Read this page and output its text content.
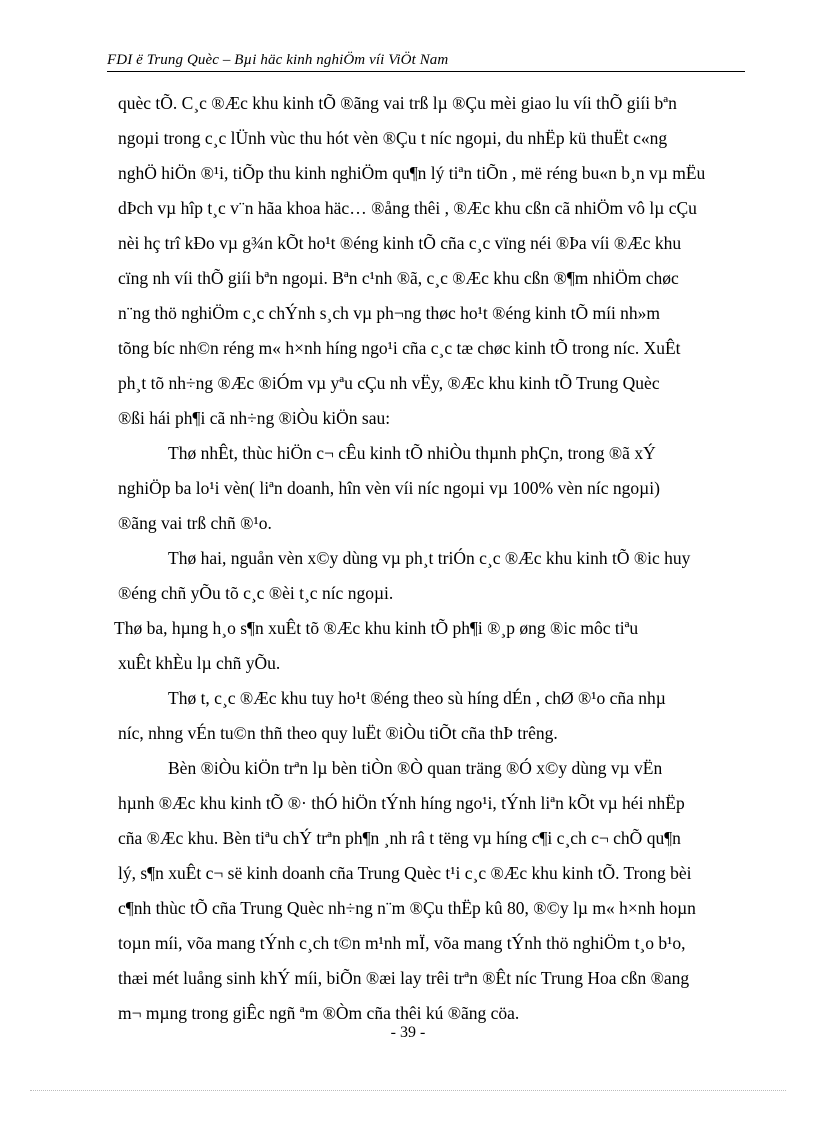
FDI ë Trung Quèc – Bµi häc kinh nghiÖm víi ViÖt Nam
quèc tÕ. C¸c ®Æc khu kinh tÕ ®ãng vai trß lµ ®Çu mèi giao lu víi thÕ giíi bªn
ngoµi trong c¸c lÜnh vùc thu hót vèn ®Çu t níc ngoµi, du nhËp kü thuËt c«ng
nghÖ hiÖn ®¹i, tiÕp thu kinh nghiÖm qu¶n lý tiªn tiÕn , më réng bu«n b¸n vµ mËu
dÞch vµ hîp t¸c v¨n hãa khoa häc… ®ång thêi , ®Æc khu cßn cã nhiÖm vô lµ cÇu
nèi hç trî kÐo vµ g¾n kÕt ho¹t ®éng kinh tÕ cña c¸c vïng néi ®Þa víi ®Æc khu
cïng nh víi thÕ giíi bªn ngoµi. Bªn c¹nh ®ã, c¸c ®Æc khu cßn ®¶m nhiÖm chøc
n¨ng thö nghiÖm c¸c chÝnh s¸ch vµ ph¬ng thøc ho¹t ®éng kinh tÕ míi nh»m
tõng bíc nh©n réng m« h×nh híng ngo¹i cña c¸c tæ chøc kinh tÕ trong níc. XuÊt
ph¸t tõ nh÷ng ®Æc ®iÓm vµ yªu cÇu nh vËy, ®Æc khu kinh tÕ Trung Quèc
®ßi hái ph¶i cã nh÷ng ®iÒu kiÖn sau:
Thø nhÊt, thùc hiÖn c¬ cÊu kinh tÕ nhiÒu thµnh phÇn, trong ®ã xÝ
nghiÖp ba lo¹i vèn( liªn doanh, hîn vèn víi níc ngoµi vµ 100% vèn níc ngoµi)
®ãng vai trß chñ ®¹o.
Thø hai, nguån vèn x©y dùng vµ ph¸t triÓn c¸c ®Æc khu kinh tÕ ®ic huy
®éng chñ yÕu tõ c¸c ®èi t¸c níc ngoµi.
Thø ba, hµng h¸o s¶n xuÊt tõ ®Æc khu kinh tÕ ph¶i ®¸p øng ®ic môc tiªu
xuÊt khÈu lµ chñ yÕu.
Thø t, c¸c ®Æc khu tuy ho¹t ®éng theo sù híng dÉn , chØ ®¹o cña nhµ
níc, nhng vÉn tu©n thñ theo quy luËt ®iÒu tiÕt cña thÞ trêng.
Bèn ®iÒu kiÖn trªn lµ bèn tiÒn ®Ò quan träng ®Ó x©y dùng vµ vËn
hµnh ®Æc khu kinh tÕ ®· thÓ hiÖn tÝnh híng ngo¹i, tÝnh liªn kÕt vµ héi nhËp
cña ®Æc khu. Bèn tiªu chÝ trªn ph¶n ¸nh râ t tëng vµ híng c¶i c¸ch c¬ chÕ qu¶n
lý, s¶n xuÊt c¬ së kinh doanh cña Trung Quèc t¹i c¸c ®Æc khu kinh tÕ. Trong bèi
c¶nh thùc tÕ cña Trung Quèc nh÷ng n¨m ®Çu thËp kû 80, ®©y lµ m« h×nh hoµn
toµn míi, võa mang tÝnh c¸ch t©n m¹nh mÏ, võa mang tÝnh thö nghiÖm t¸o b¹o,
thæi mét luång sinh khÝ míi, biÕn ®æi lay trêi trªn ®Êt níc Trung Hoa cßn ®ang
m¬ mµng trong giÊc ngñ ªm ®Òm cña thêi kú ®ãng cöa.
- 39 -
